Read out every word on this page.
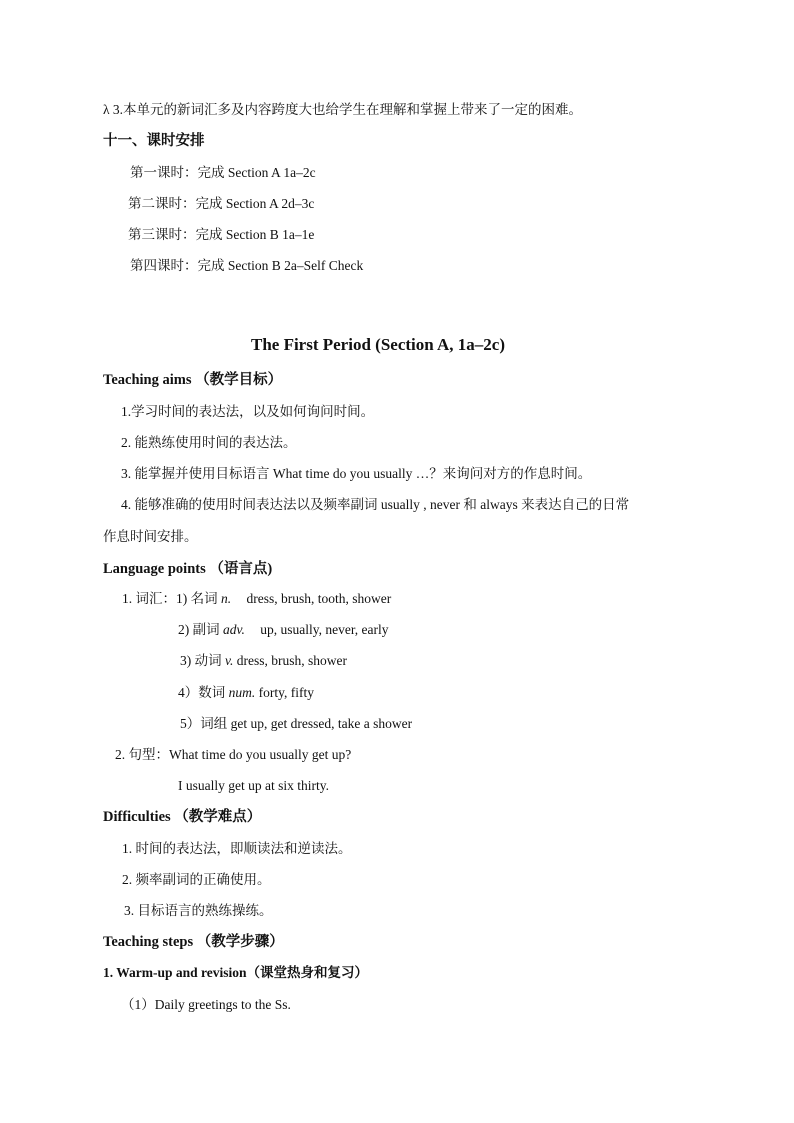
λ 3.本单元的新词汇多及内容跨度大也给学生在理解和掌握上带来了一定的困难。
十一、课时安排
第一课时：完成 Section A 1a–2c
第二课时：完成 Section A 2d–3c
第三课时：完成 Section B 1a–1e
第四课时：完成 Section B 2a–Self Check
The First Period (Section A, 1a–2c)
Teaching aims （教学目标）
1.学习时间的表达法，以及如何询问时间。
2. 能熟练使用时间的表达法。
3. 能掌握并使用目标语言 What time do you usually …？来询问对方的作息时间。
4. 能够准确的使用时间表达法以及频率副词 usually , never 和 always 来表达自己的日常
作息时间安排。
Language points （语言点)
1. 词汇：1) 名词 n. dress, brush, tooth, shower
2) 副词 adv. up, usually, never, early
3) 动词 v. dress, brush, shower
4）数词 num. forty, fifty
5）词组 get up, get dressed, take a shower
2. 句型：What time do you usually get up?
I usually get up at six thirty.
Difficulties （教学难点）
1. 时间的表达法，即顺读法和逆读法。
2. 频率副词的正确使用。
3. 目标语言的熟练操练。
Teaching steps （教学步骤）
1. Warm-up and revision（课堂热身和复习）
（1）Daily greetings to the Ss.
